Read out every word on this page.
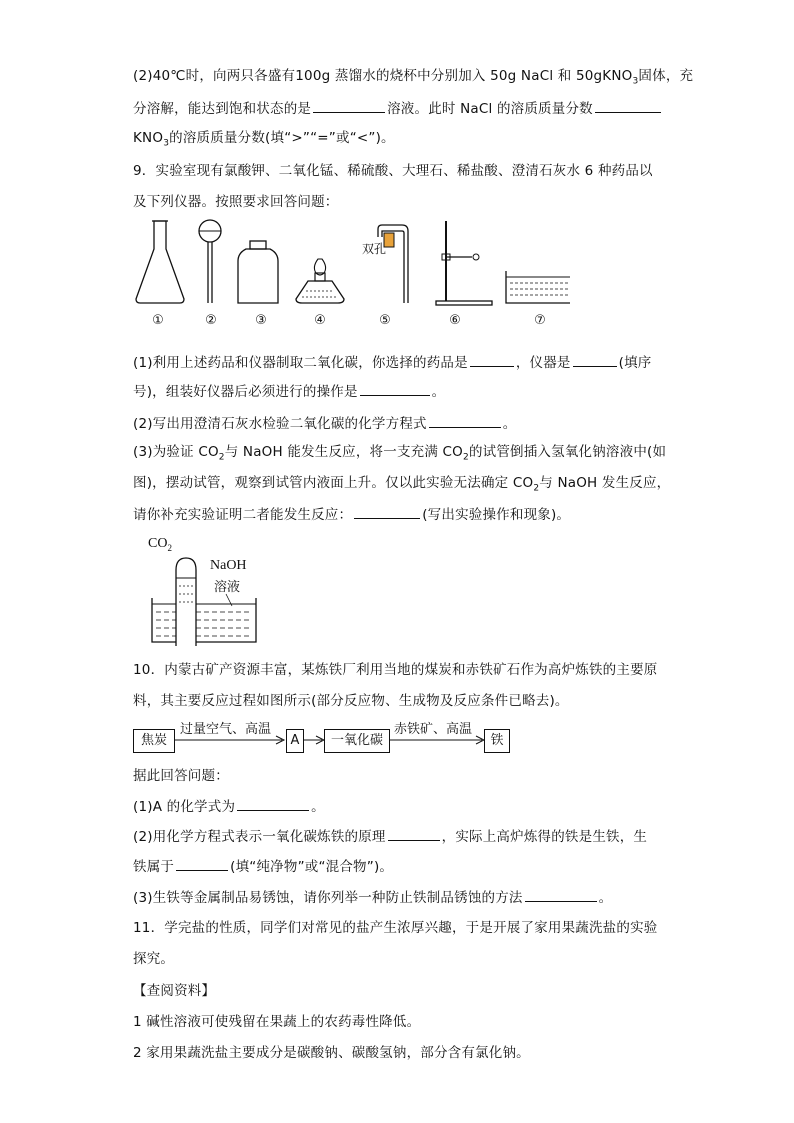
(2)40℃时，向两只各盛有100g 蒸馏水的烧杯中分别加入 50g NaCl 和 50gKNO$_3$固体，充
分溶解，能达到饱和状态的是	溶液。此时 NaCl 的溶质质量分数
$KNO_3$的溶质质量分数(填“>”“=”或“<”)。
9．实验室现有氯酸钾、二氧化锰、稀硫酸、大理石、稀盐酸、澄清石灰水 6 种药品以
及下列仪器。按照要求回答问题：
双孔
①	②	③	④	⑤	⑥	⑦
(1)利用上述药品和仪器制取二氧化碳，你选择的药品是	，仪器是	(填序
号)，组装好仪器后必须进行的操作是	。
(2)写出用澄清石灰水检验二氧化碳的化学方程式	。
(3)为验证 $CO_2$与 NaOH 能发生反应，将一支充满 $CO_2$的试管倒插入氢氧化钠溶液中(如
图)，摆动试管，观察到试管内液面上升。仅以此实验无法确定 $CO_2$与 NaOH 发生反应，
请你补充实验证明二者能发生反应：	(写出实验操作和现象)。
$CO_2$
NaOH
溶液
10．内蒙古矿产资源丰富，某炼铁厂利用当地的煤炭和赤铁矿石作为高炉炼铁的主要原
料，其主要反应过程如图所示(部分反应物、生成物及反应条件已略去)。
焦炭
过量空气、高温
A	一氧化碳
赤铁矿、高温
铁
据此回答问题：
(1)A 的化学式为	。
(2)用化学方程式表示一氧化碳炼铁的原理	，实际上高炉炼得的铁是生铁，生
铁属于	(填“纯净物”或“混合物”)。
(3)生铁等金属制品易锈蚀，请你列举一种防止铁制品锈蚀的方法	。
11．学完盐的性质，同学们对常见的盐产生浓厚兴趣，于是开展了家用果蔬洗盐的实验
探究。
【查阅资料】
1 碱性溶液可使残留在果蔬上的农药毒性降低。
2 家用果蔬洗盐主要成分是碳酸钠、碳酸氢钠，部分含有氯化钠。
